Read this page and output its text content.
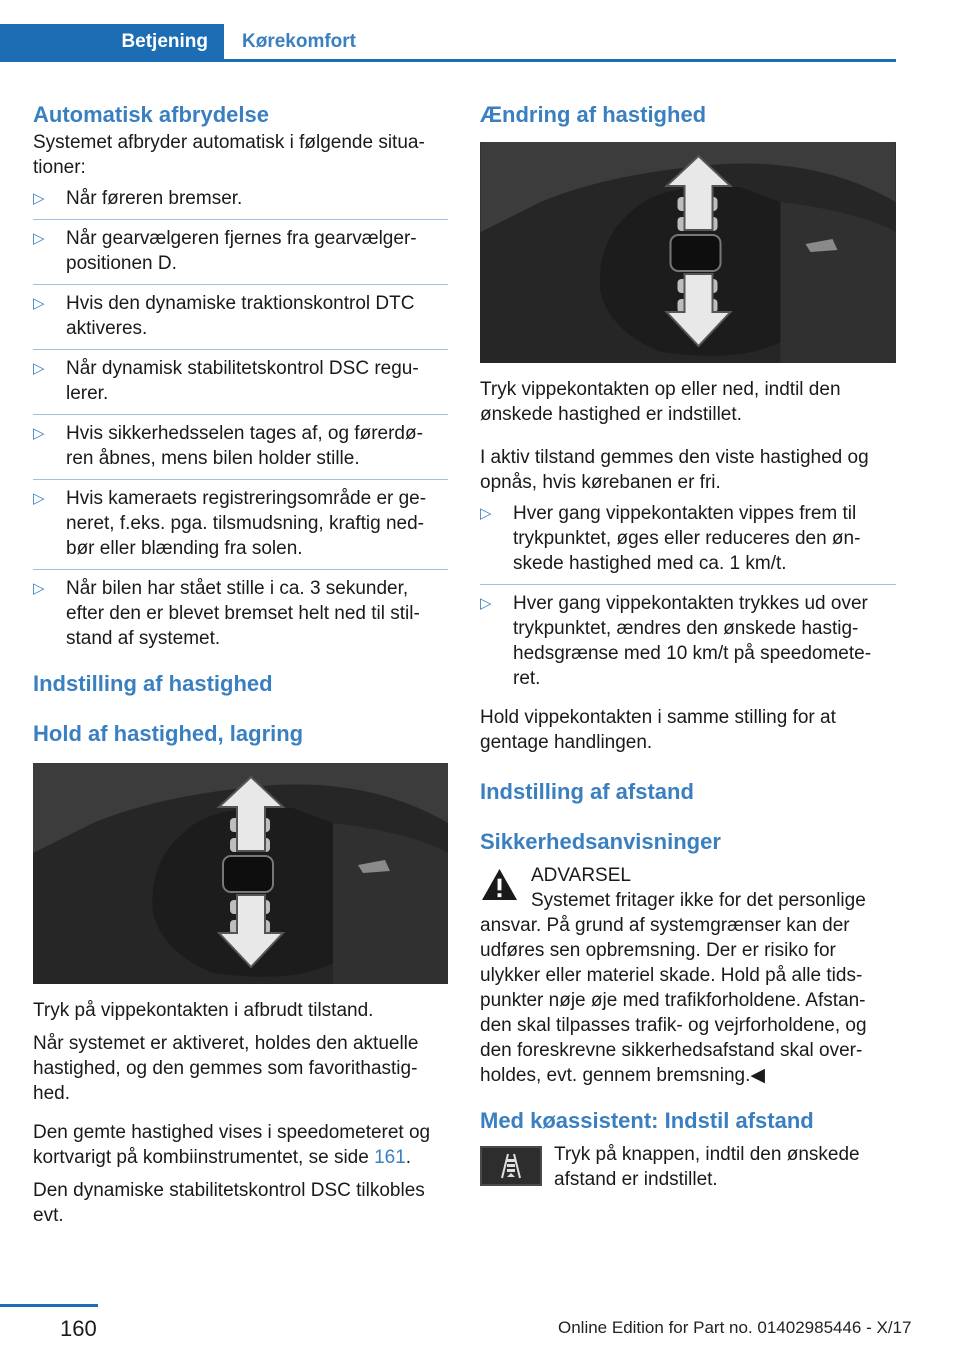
Betjening	Kørekomfort
Automatisk afbrydelse

Systemet afbryder automatisk i følgende situa‐tioner:

▷ Når føreren bremser.
▷ Når gearvælgeren fjernes fra gearvælger‐positionen D.
▷ Hvis den dynamiske traktionskontrol DTC aktiveres.
▷ Når dynamisk stabilitetskontrol DSC regu‐lerer.
▷ Hvis sikkerhedsselen tages af, og førerdø‐ren åbnes, mens bilen holder stille.
▷ Hvis kameraets registreringsområde er ge‐neret, f.eks. pga. tilsmudsning, kraftig ned‐bør eller blænding fra solen.
▷ Når bilen har stået stille i ca. 3 sekunder, efter den er blevet bremset helt ned til stil‐stand af systemet.
Indstilling af hastighed
Hold af hastighed, lagring

Tryk på vippekontakten i afbrudt tilstand.

Når systemet er aktiveret, holdes den aktuelle hastighed, og den gemmes som favorithastig‐hed.

Den gemte hastighed vises i speedometeret og kortvarigt på kombiinstrumentet, se side 161.

Den dynamiske stabilitetskontrol DSC tilkobles evt.

Ændring af hastighed

Tryk vippekontakten op eller ned, indtil den ønskede hastighed er indstillet.

I aktiv tilstand gemmes den viste hastighed og opnås, hvis kørebanen er fri.

▷ Hver gang vippekontakten vippes frem til trykpunktet, øges eller reduceres den øn‐skede hastighed med ca. 1 km/t.
▷ Hver gang vippekontakten trykkes ud over trykpunktet, ændres den ønskede hastig‐hedsgrænse med 10 km/t på speedomete‐ret.

Hold vippekontakten i samme stilling for at gentage handlingen.

Indstilling af afstand
Sikkerhedsanvisninger

ADVARSEL

Systemet fritager ikke for det personlige ansvar. På grund af systemgrænser kan der udføres sen opbremsning. Der er risiko for ulykker eller materiel skade. Hold på alle tids‐punkter nøje øje med trafikforholdene. Afstan‐den skal tilpasses trafik- og vejrforholdene, og den foreskrevne sikkerhedsafstand skal over‐holdes, evt. gennem bremsning.◀

Med køassistent: Indstil afstand

Tryk på knappen, indtil den ønskede afstand er indstillet.

160	Online Edition for Part no. 01402985446 - X/17
